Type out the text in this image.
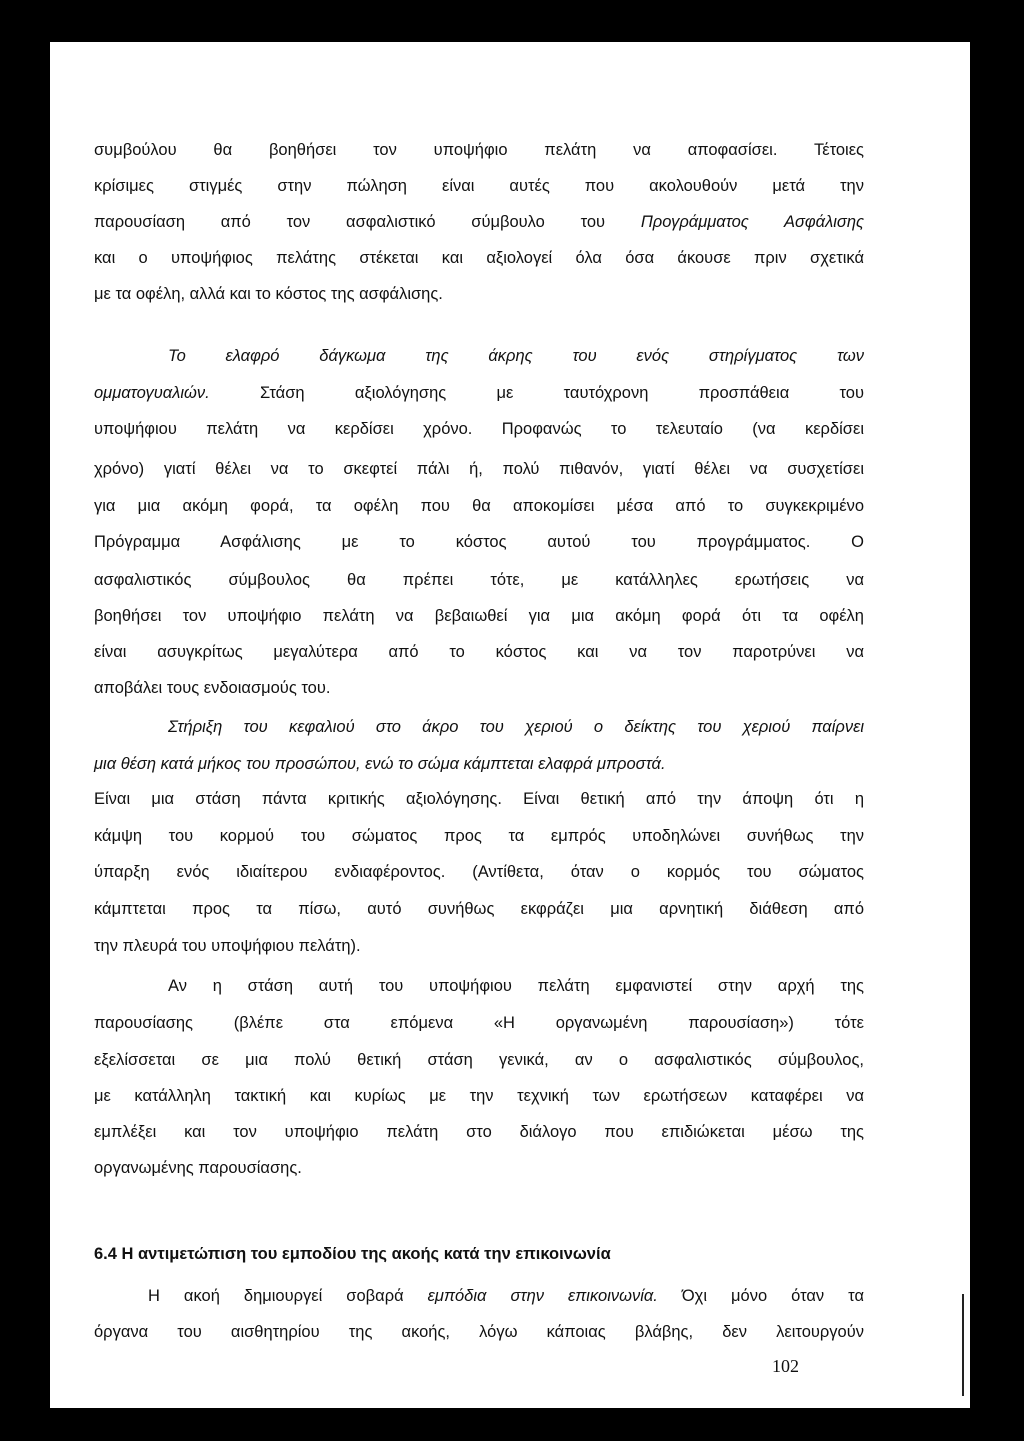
συμβούλου θα βοηθήσει τον υποψήφιο πελάτη να αποφασίσει. Τέτοιες
κρίσιμες στιγμές στην πώληση είναι αυτές που ακολουθούν μετά την
παρουσίαση από τον ασφαλιστικό σύμβουλο του Προγράμματος Ασφάλισης
και ο υποψήφιος πελάτης στέκεται και αξιολογεί όλα όσα άκουσε πριν σχετικά
με τα οφέλη, αλλά και το κόστος της ασφάλισης.
Το ελαφρό δάγκωμα της άκρης του ενός στηρίγματος των
ομματογυαλιών. Στάση αξιολόγησης με ταυτόχρονη προσπάθεια του
υποψήφιου πελάτη να κερδίσει χρόνο. Προφανώς το τελευταίο (να κερδίσει
χρόνο) γιατί θέλει να το σκεφτεί πάλι ή, πολύ πιθανόν, γιατί θέλει να συσχετίσει
για μια ακόμη φορά, τα οφέλη που θα αποκομίσει μέσα από το συγκεκριμένο
Πρόγραμμα Ασφάλισης με το κόστος αυτού του προγράμματος. Ο
ασφαλιστικός σύμβουλος θα πρέπει τότε, με κατάλληλες ερωτήσεις να
βοηθήσει τον υποψήφιο πελάτη να βεβαιωθεί για μια ακόμη φορά ότι τα οφέλη
είναι ασυγκρίτως μεγαλύτερα από το κόστος και να τον παροτρύνει να
αποβάλει τους ενδοιασμούς του.
Στήριξη του κεφαλιού στο άκρο του χεριού ο δείκτης του χεριού παίρνει
μια θέση κατά μήκος του προσώπου, ενώ το σώμα κάμπτεται ελαφρά μπροστά.
Είναι μια στάση πάντα κριτικής αξιολόγησης. Είναι θετική από την άποψη ότι η
κάμψη του κορμού του σώματος προς τα εμπρός υποδηλώνει συνήθως την
ύπαρξη ενός ιδιαίτερου ενδιαφέροντος. (Αντίθετα, όταν ο κορμός του σώματος
κάμπτεται προς τα πίσω, αυτό συνήθως εκφράζει μια αρνητική διάθεση από
την πλευρά του υποψήφιου πελάτη).
Αν η στάση αυτή του υποψήφιου πελάτη εμφανιστεί στην αρχή της
παρουσίασης (βλέπε στα επόμενα «Η οργανωμένη παρουσίαση») τότε
εξελίσσεται σε μια πολύ θετική στάση γενικά, αν ο ασφαλιστικός σύμβουλος,
με κατάλληλη τακτική και κυρίως με την τεχνική των ερωτήσεων καταφέρει να
εμπλέξει και τον υποψήφιο πελάτη στο διάλογο που επιδιώκεται μέσω της
οργανωμένης παρουσίασης.
6.4 Η αντιμετώπιση του εμποδίου της ακοής κατά την επικοινωνία
Η ακοή δημιουργεί σοβαρά εμπόδια στην επικοινωνία. Όχι μόνο όταν τα
όργανα του αισθητηρίου της ακοής, λόγω κάποιας βλάβης, δεν λειτουργούν
102
